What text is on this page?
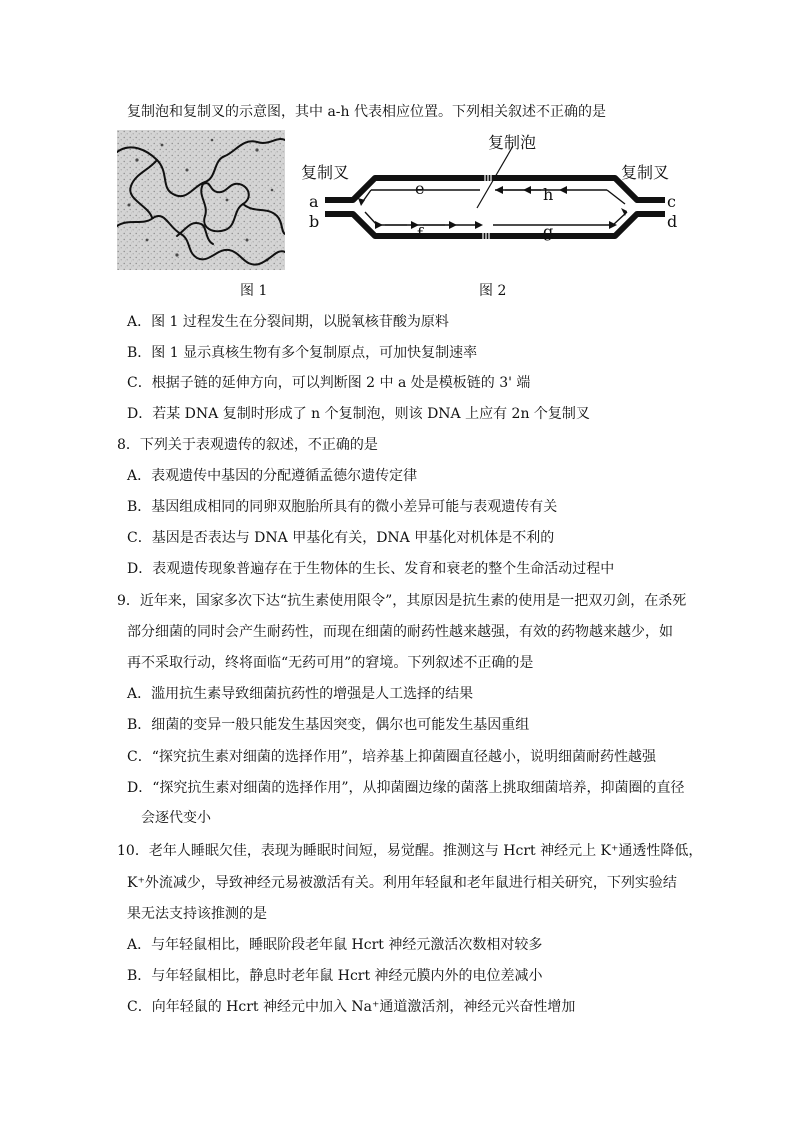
复制泡和复制叉的示意图，其中 a-h 代表相应位置。下列相关叙述不正确的是
图 1
复制泡
复制叉	复制叉
a
b
c
d
e
f	g
h
图 2
A．图 1 过程发生在分裂间期，以脱氧核苷酸为原料
B．图 1 显示真核生物有多个复制原点，可加快复制速率
C．根据子链的延伸方向，可以判断图 2 中 a 处是模板链的 3' 端
D．若某 DNA 复制时形成了 n 个复制泡，则该 DNA 上应有 2n 个复制叉
8．下列关于表观遗传的叙述，不正确的是
A．表观遗传中基因的分配遵循孟德尔遗传定律
B．基因组成相同的同卵双胞胎所具有的微小差异可能与表观遗传有关
C．基因是否表达与 DNA 甲基化有关，DNA 甲基化对机体是不利的
D．表观遗传现象普遍存在于生物体的生长、发育和衰老的整个生命活动过程中
9．近年来，国家多次下达“抗生素使用限令”，其原因是抗生素的使用是一把双刃剑，在杀死
部分细菌的同时会产生耐药性，而现在细菌的耐药性越来越强，有效的药物越来越少，如
再不采取行动，终将面临“无药可用”的窘境。下列叙述不正确的是
A．滥用抗生素导致细菌抗药性的增强是人工选择的结果
B．细菌的变异一般只能发生基因突变，偶尔也可能发生基因重组
C．“探究抗生素对细菌的选择作用”，培养基上抑菌圈直径越小，说明细菌耐药性越强
D．“探究抗生素对细菌的选择作用”，从抑菌圈边缘的菌落上挑取细菌培养，抑菌圈的直径
会逐代变小
10．老年人睡眠欠佳，表现为睡眠时间短，易觉醒。推测这与 Hcrt 神经元上 K⁺通透性降低，
K⁺外流减少，导致神经元易被激活有关。利用年轻鼠和老年鼠进行相关研究，下列实验结
果无法支持该推测的是
A．与年轻鼠相比，睡眠阶段老年鼠 Hcrt 神经元激活次数相对较多
B．与年轻鼠相比，静息时老年鼠 Hcrt 神经元膜内外的电位差减小
C．向年轻鼠的 Hcrt 神经元中加入 Na⁺通道激活剂，神经元兴奋性增加
